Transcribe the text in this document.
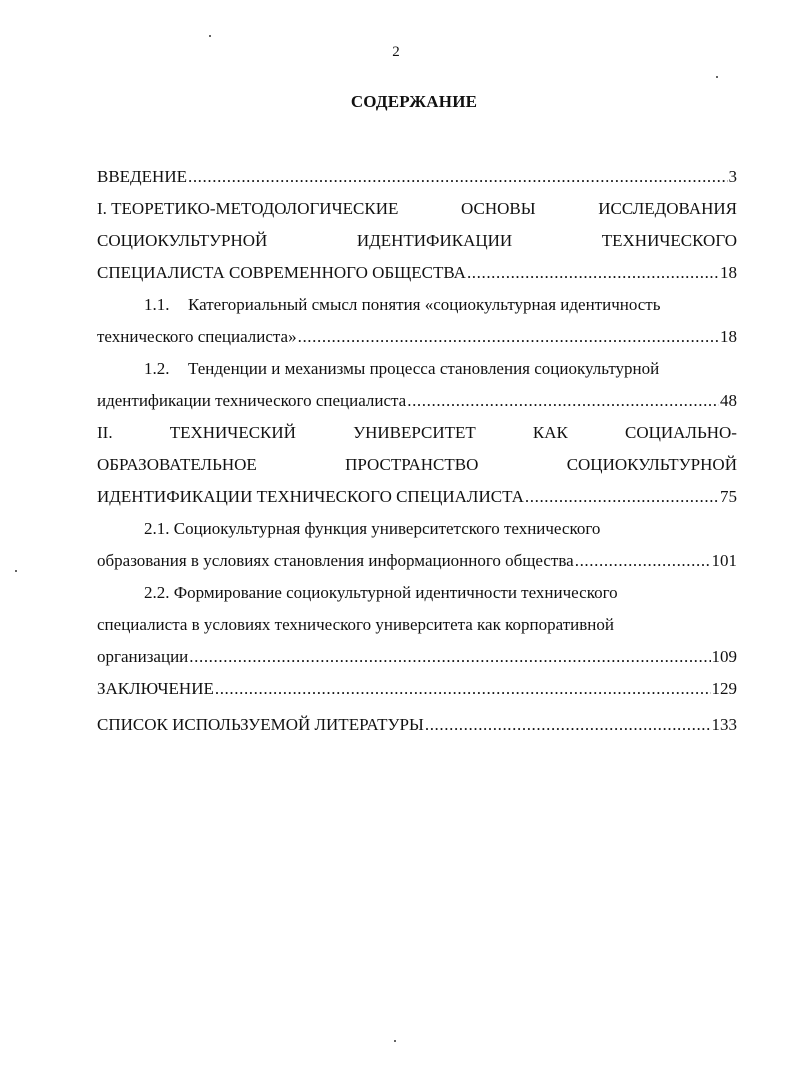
2
СОДЕРЖАНИЕ
ВВЕДЕНИЕ .....	3
I. ТЕОРЕТИКО-МЕТОДОЛОГИЧЕСКИЕ	ОСНОВЫ	ИССЛЕДОВАНИЯ
СОЦИОКУЛЬТУРНОЙ	ИДЕНТИФИКАЦИИ	ТЕХНИЧЕСКОГО
СПЕЦИАЛИСТА СОВРЕМЕННОГО ОБЩЕСТВА .....	18
1.1. Категориальный смысл понятия «социокультурная идентичность
технического специалиста» .....	18
1.2. Тенденции и механизмы процесса становления социокультурной
идентификации технического специалиста .....	48
II.	ТЕХНИЧЕСКИЙ	УНИВЕРСИТЕТ	КАК	СОЦИАЛЬНО-
ОБРАЗОВАТЕЛЬНОЕ	ПРОСТРАНСТВО	СОЦИОКУЛЬТУРНОЙ
ИДЕНТИФИКАЦИИ ТЕХНИЧЕСКОГО СПЕЦИАЛИСТА .....	75
2.1. Социокультурная функция университетского технического
образования в условиях становления информационного общества .....	101
2.2. Формирование социокультурной идентичности технического
специалиста в условиях технического университета как корпоративной
организации .....	109
ЗАКЛЮЧЕНИЕ .....	129
СПИСОК ИСПОЛЬЗУЕМОЙ ЛИТЕРАТУРЫ .....	133
